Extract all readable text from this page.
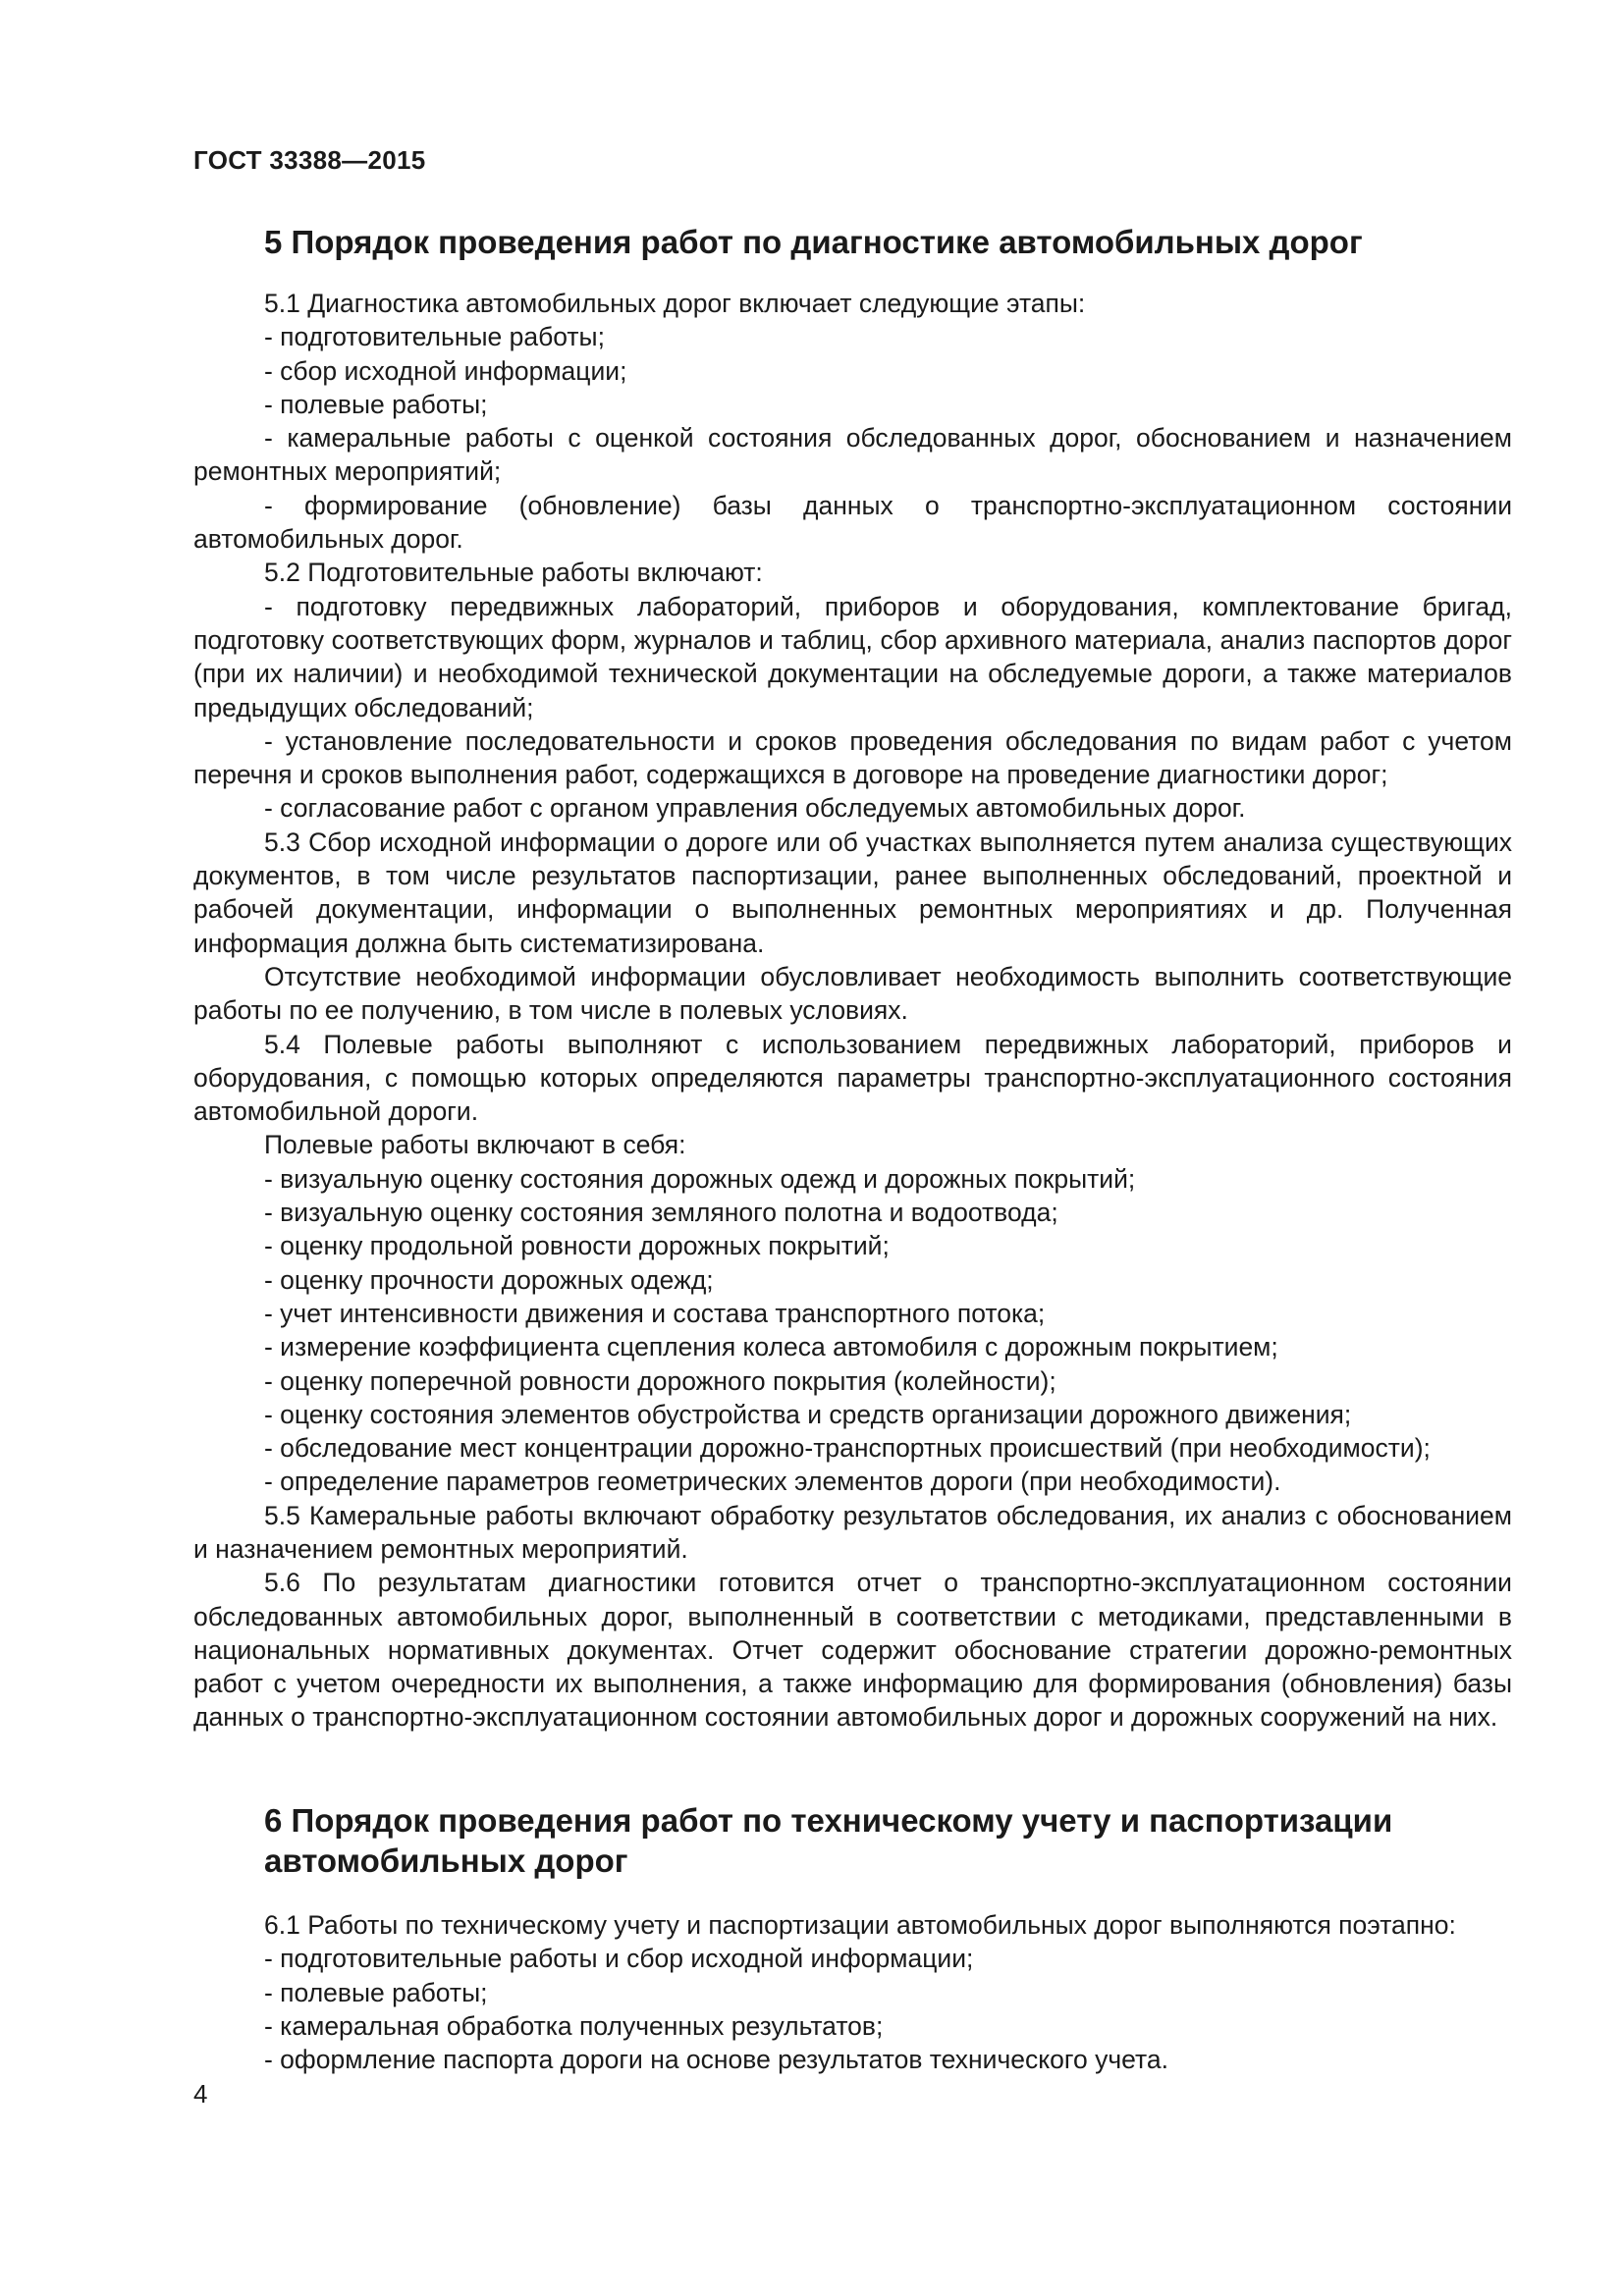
ГОСТ 33388—2015
5 Порядок проведения работ по диагностике автомобильных дорог

5.1 Диагностика автомобильных дорог включает следующие этапы:

- подготовительные работы;

- сбор исходной информации;

- полевые работы;

- камеральные работы с оценкой состояния обследованных дорог, обоснованием и назначением ремонтных мероприятий;

- формирование (обновление) базы данных о транспортно-эксплуатационном состоянии автомобильных дорог.

5.2 Подготовительные работы включают:

- подготовку передвижных лабораторий, приборов и оборудования, комплектование бригад, подготовку соответствующих форм, журналов и таблиц, сбор архивного материала, анализ паспортов дорог (при их наличии) и необходимой технической документации на обследуемые дороги, а также материалов предыдущих обследований;

- установление последовательности и сроков проведения обследования по видам работ с учетом перечня и сроков выполнения работ, содержащихся в договоре на проведение диагностики дорог;

- согласование работ с органом управления обследуемых автомобильных дорог.

5.3 Сбор исходной информации о дороге или об участках выполняется путем анализа существующих документов, в том числе результатов паспортизации, ранее выполненных обследований, проектной и рабочей документации, информации о выполненных ремонтных мероприятиях и др. Полученная информация должна быть систематизирована.

Отсутствие необходимой информации обусловливает необходимость выполнить соответствующие работы по ее получению, в том числе в полевых условиях.

5.4 Полевые работы выполняют с использованием передвижных лабораторий, приборов и оборудования, с помощью которых определяются параметры транспортно-эксплуатационного состояния автомобильной дороги.

Полевые работы включают в себя:

- визуальную оценку состояния дорожных одежд и дорожных покрытий;

- визуальную оценку состояния земляного полотна и водоотвода;

- оценку продольной ровности дорожных покрытий;

- оценку прочности дорожных одежд;

- учет интенсивности движения и состава транспортного потока;

- измерение коэффициента сцепления колеса автомобиля с дорожным покрытием;

- оценку поперечной ровности дорожного покрытия (колейности);

- оценку состояния элементов обустройства и средств организации дорожного движения;

- обследование мест концентрации дорожно-транспортных происшествий (при необходимости);

- определение параметров геометрических элементов дороги (при необходимости).

5.5 Камеральные работы включают обработку результатов обследования, их анализ с обоснованием и назначением ремонтных мероприятий.

5.6 По результатам диагностики готовится отчет о транспортно-эксплуатационном состоянии обследованных автомобильных дорог, выполненный в соответствии с методиками, представленными в национальных нормативных документах. Отчет содержит обоснование стратегии дорожно-ремонтных работ с учетом очередности их выполнения, а также информацию для формирования (обновления) базы данных о транспортно-эксплуатационном состоянии автомобильных дорог и дорожных сооружений на них.

6 Порядок проведения работ по техническому учету и паспортизации автомобильных дорог

6.1 Работы по техническому учету и паспортизации автомобильных дорог выполняются поэтапно:

- подготовительные работы и сбор исходной информации;

- полевые работы;

- камеральная обработка полученных результатов;

- оформление паспорта дороги на основе результатов технического учета.

4
